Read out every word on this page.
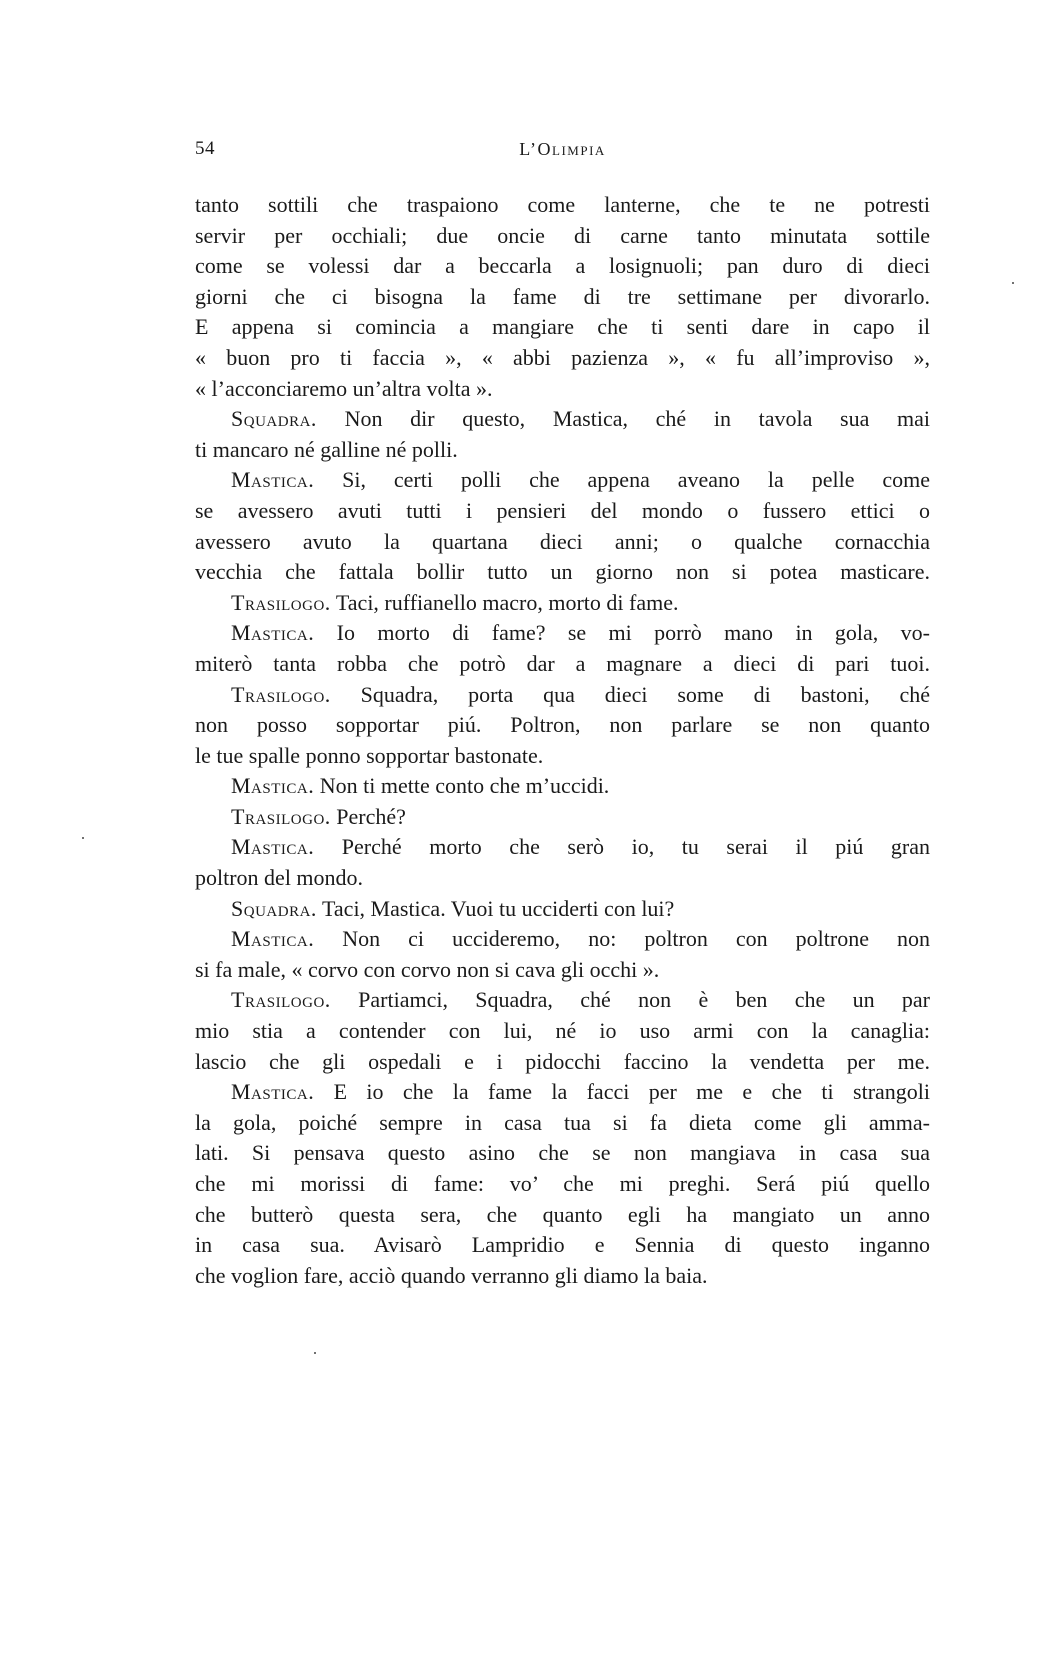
54	L’Olimpia
tanto sottili che traspaiono come lanterne, che te ne potresti
servir per occhiali; due oncie di carne tanto minutata sottile
come se volessi dar a beccarla a losignuoli; pan duro di dieci
giorni che ci bisogna la fame di tre settimane per divorarlo.
E appena si comincia a mangiare che ti senti dare in capo il
« buon pro ti faccia », « abbi pazienza », « fu all’improviso »,
« l’acconciaremo un’altra volta ».
Squadra. Non dir questo, Mastica, ché in tavola sua mai
ti mancaro né galline né polli.
Mastica. Si, certi polli che appena aveano la pelle come
se avessero avuti tutti i pensieri del mondo o fussero ettici o
avessero avuto la quartana dieci anni; o qualche cornacchia
vecchia che fattala bollir tutto un giorno non si potea masticare.
Trasilogo. Taci, ruffianello macro, morto di fame.
Mastica. Io morto di fame? se mi porrò mano in gola, vo-
miterò tanta robba che potrò dar a magnare a dieci di pari tuoi.
Trasilogo. Squadra, porta qua dieci some di bastoni, ché
non posso sopportar piú. Poltron, non parlare se non quanto
le tue spalle ponno sopportar bastonate.
Mastica. Non ti mette conto che m’uccidi.
Trasilogo. Perché?
Mastica. Perché morto che serò io, tu serai il piú gran
poltron del mondo.
Squadra. Taci, Mastica. Vuoi tu ucciderti con lui?
Mastica. Non ci uccideremo, no: poltron con poltrone non
si fa male, « corvo con corvo non si cava gli occhi ».
Trasilogo. Partiamci, Squadra, ché non è ben che un par
mio stia a contender con lui, né io uso armi con la canaglia:
lascio che gli ospedali e i pidocchi faccino la vendetta per me.
Mastica. E io che la fame la facci per me e che ti strangoli
la gola, poiché sempre in casa tua si fa dieta come gli amma-
lati. Si pensava questo asino che se non mangiava in casa sua
che mi morissi di fame: vo’ che mi preghi. Será piú quello
che butterò questa sera, che quanto egli ha mangiato un anno
in casa sua. Avisarò Lampridio e Sennia di questo inganno
che voglion fare, acciò quando verranno gli diamo la baia.
